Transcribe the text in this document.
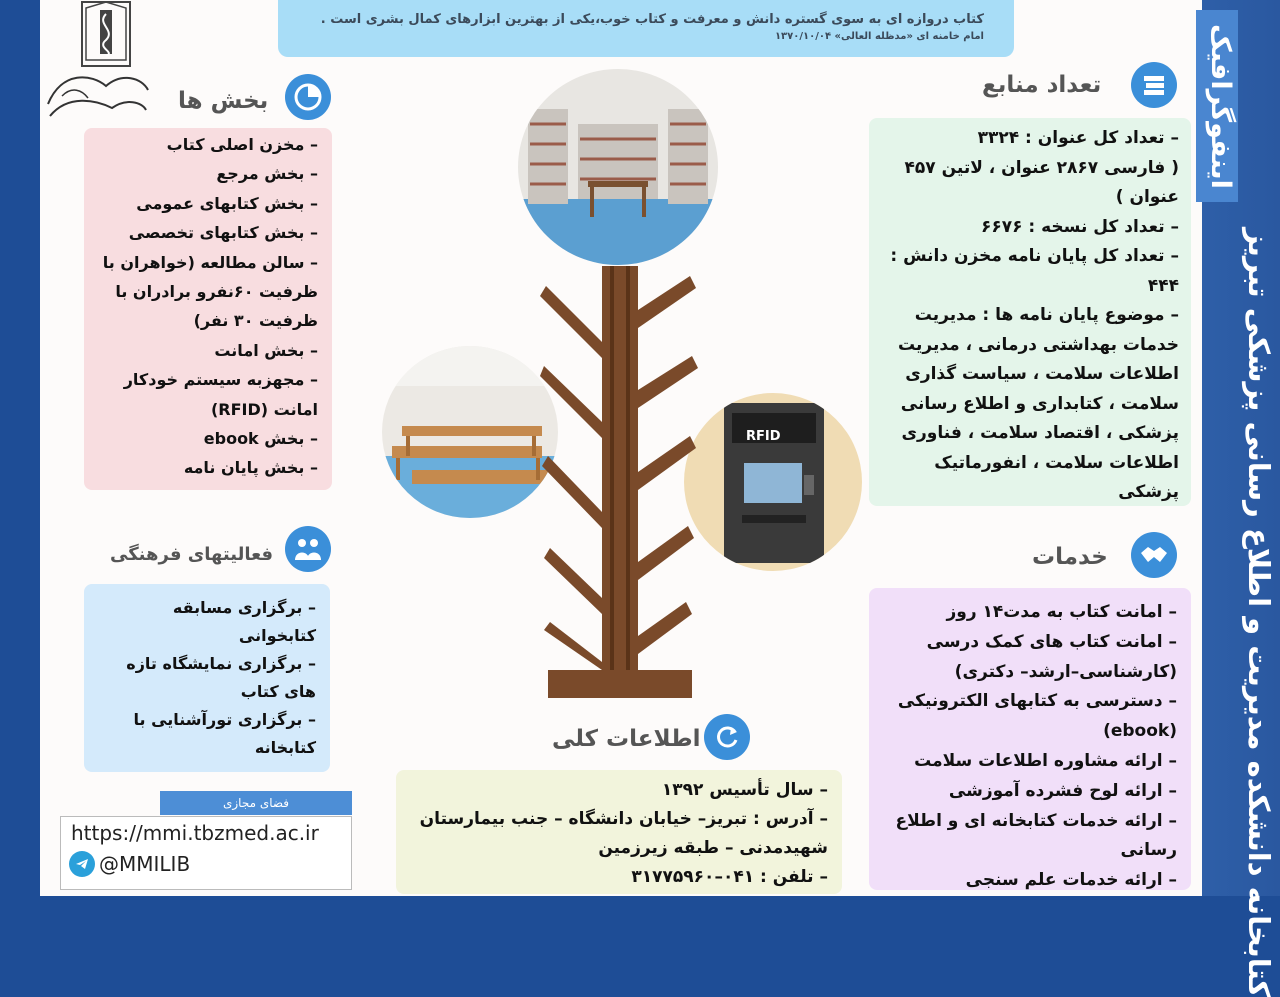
اینفوگرافیک
کتابخانه دانشکده مدیریت و اطلاع رسانی پزشکی تبریز
کتاب دروازه ای به سوی گستره دانش و معرفت و کتاب خوب،یکی از بهترین ابزارهای کمال بشری است .
امام خامنه ای «مدظله العالی» ۱۳۷۰/۱۰/۰۴
تعداد منابع
– تعداد کل عنوان : ۳۳۲۴
( فارسی ۲۸۶۷ عنوان ، لاتین ۴۵۷ عنوان )
– تعداد کل نسخه : ۶۶۷۶
– تعداد کل پایان نامه مخزن دانش : ۴۴۴
– موضوع پایان نامه ها : مدیریت خدمات بهداشتی درمانی ، مدیریت اطلاعات سلامت ، سیاست گذاری سلامت ، کتابداری و اطلاع رسانی پزشکی ، اقتصاد سلامت ، فناوری اطلاعات سلامت ، انفورماتیک پزشکی
خدمات
– امانت کتاب به مدت۱۴ روز
– امانت کتاب های کمک درسی (کارشناسی–ارشد– دکتری)
– دسترسی به کتابهای الکترونیکی (ebook)
– ارائه مشاوره اطلاعات سلامت
– ارائه لوح فشرده آموزشی
– ارائه خدمات کتابخانه ای و اطلاع رسانی
– ارائه خدمات علم سنجی
بخش ها
– مخزن اصلی کتاب
– بخش مرجع
– بخش کتابهای عمومی
– بخش کتابهای تخصصی
– سالن مطالعه (خواهران با ظرفیت ۶۰نفرو برادران با ظرفیت ۳۰ نفر)
– بخش امانت
– مجهزبه سیستم خودکار امانت (RFID)
– بخش ebook
– بخش پایان نامه
فعالیتهای فرهنگی
– برگزاری مسابقه کتابخوانی
– برگزاری نمایشگاه تازه های کتاب
– برگزاری تورآشنایی با کتابخانه	اطلاعات کلی
– سال تأسیس ۱۳۹۲
– آدرس : تبریز– خیابان دانشگاه – جنب بیمارستان شهیدمدنی – طبقه زیرزمین
– تلفن : ۰۴۱–۳۱۷۷۵۹۶۰
فضای مجازی
https://mmi.tbzmed.ac.ir
@MMILIB
RFID
